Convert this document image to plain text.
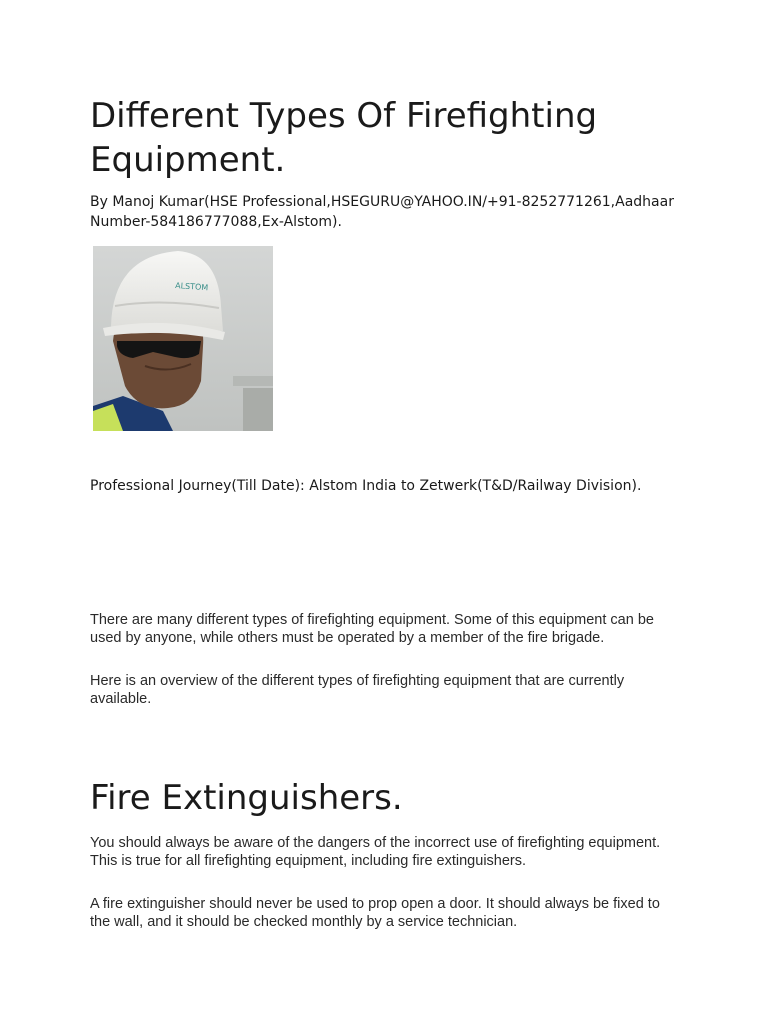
Different Types Of Firefighting Equipment.

By Manoj Kumar(HSE Professional,HSEGURU@YAHOO.IN/+91-8252771261,Aadhaar Number-584186777088,Ex-Alstom).

ALSTOM

Professional Journey(Till Date): Alstom India to Zetwerk(T&D/Railway Division).

There are many different types of firefighting equipment. Some of this equipment can be used by anyone, while others must be operated by a member of the fire brigade.

Here is an overview of the different types of firefighting equipment that are currently available.

Fire Extinguishers.

You should always be aware of the dangers of the incorrect use of firefighting equipment. This is true for all firefighting equipment, including fire extinguishers.

A fire extinguisher should never be used to prop open a door. It should always be fixed to the wall, and it should be checked monthly by a service technician.
